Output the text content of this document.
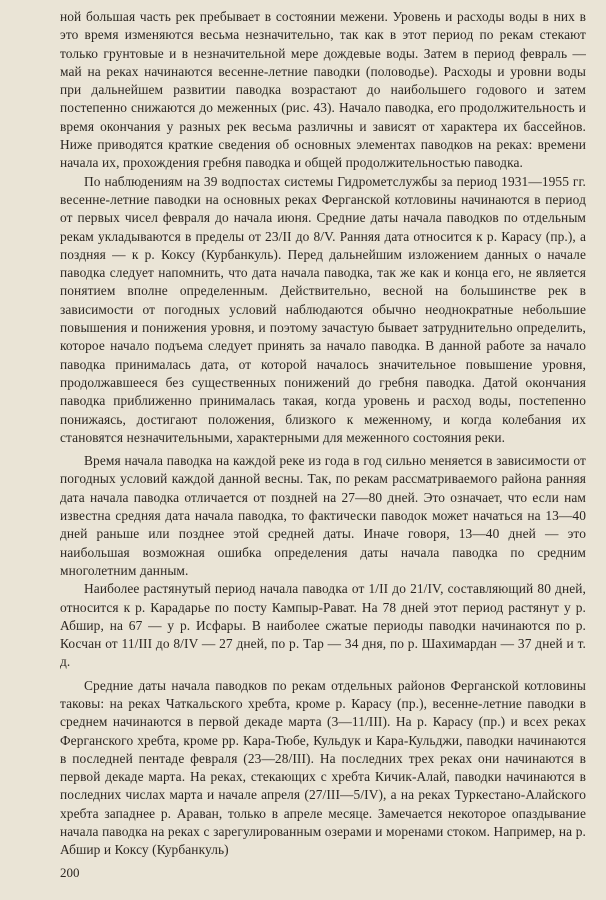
ной большая часть рек пребывает в состоянии межени. Уровень и расходы воды в них в это время изменяются весьма незначительно, так как в этот период по рекам стекают только грунтовые и в незначительной мере дождевые воды. Затем в период февраль — май на реках начинаются весенне-летние паводки (половодье). Расходы и уровни воды при дальнейшем развитии паводка возрастают до наибольшего годового и затем постепенно снижаются до меженных (рис. 43). Начало паводка, его продолжительность и время окончания у разных рек весьма различны и зависят от характера их бассейнов. Ниже приводятся краткие сведения об основных элементах паводков на реках: времени начала их, прохождения гребня паводка и общей продолжительностью паводка.

По наблюдениям на 39 водпостах системы Гидрометслужбы за период 1931—1955 гг. весенне-летние паводки на основных реках Ферганской котловины начинаются в период от первых чисел февраля до начала июня. Средние даты начала паводков по отдельным рекам укладываются в пределы от 23/II до 8/V. Ранняя дата относится к р. Карасу (пр.), а поздняя — к р. Коксу (Курбанкуль). Перед дальнейшим изложением данных о начале паводка следует напомнить, что дата начала паводка, так же как и конца его, не является понятием вполне определенным. Действительно, весной на большинстве рек в зависимости от погодных условий наблюдаются обычно неоднократные небольшие повышения и понижения уровня, и поэтому зачастую бывает затруднительно определить, которое начало подъема следует принять за начало паводка. В данной работе за начало паводка принималась дата, от которой началось значительное повышение уровня, продолжавшееся без существенных понижений до гребня паводка. Датой окончания паводка приближенно принималась такая, когда уровень и расход воды, постепенно понижаясь, достигают положения, близкого к меженному, и когда колебания их становятся незначительными, характерными для меженного состояния реки.

Время начала паводка на каждой реке из года в год сильно меняется в зависимости от погодных условий каждой данной весны. Так, по рекам рассматриваемого района ранняя дата начала паводка отличается от поздней на 27—80 дней. Это означает, что если нам известна средняя дата начала паводка, то фактически паводок может начаться на 13—40 дней раньше или позднее этой средней даты. Иначе говоря, 13—40 дней — это наибольшая возможная ошибка определения даты начала паводка по средним многолетним данным.

Наиболее растянутый период начала паводка от 1/II до 21/IV, составляющий 80 дней, относится к р. Карадарье по посту Кампыр-Рават. На 78 дней этот период растянут у р. Абшир, на 67 — у р. Исфары. В наиболее сжатые периоды паводки начинаются по р. Косчан от 11/III до 8/IV — 27 дней, по р. Тар — 34 дня, по р. Шахимардан — 37 дней и т. д.

Средние даты начала паводков по рекам отдельных районов Ферганской котловины таковы: на реках Чаткальского хребта, кроме р. Карасу (пр.), весенне-летние паводки в среднем начинаются в первой декаде марта (3—11/III). На р. Карасу (пр.) и всех реках Ферганского хребта, кроме рр. Кара-Тюбе, Кульдук и Кара-Кульджи, паводки начинаются в последней пентаде февраля (23—28/III). На последних трех реках они начинаются в первой декаде марта. На реках, стекающих с хребта Кичик-Алай, паводки начинаются в последних числах марта и начале апреля (27/III—5/IV), а на реках Туркестано-Алайского хребта западнее р. Араван, только в апреле месяце. Замечается некоторое опаздывание начала паводка на реках с зарегулированным озерами и моренами стоком. Например, на р. Абшир и Коксу (Курбанкуль)

200
